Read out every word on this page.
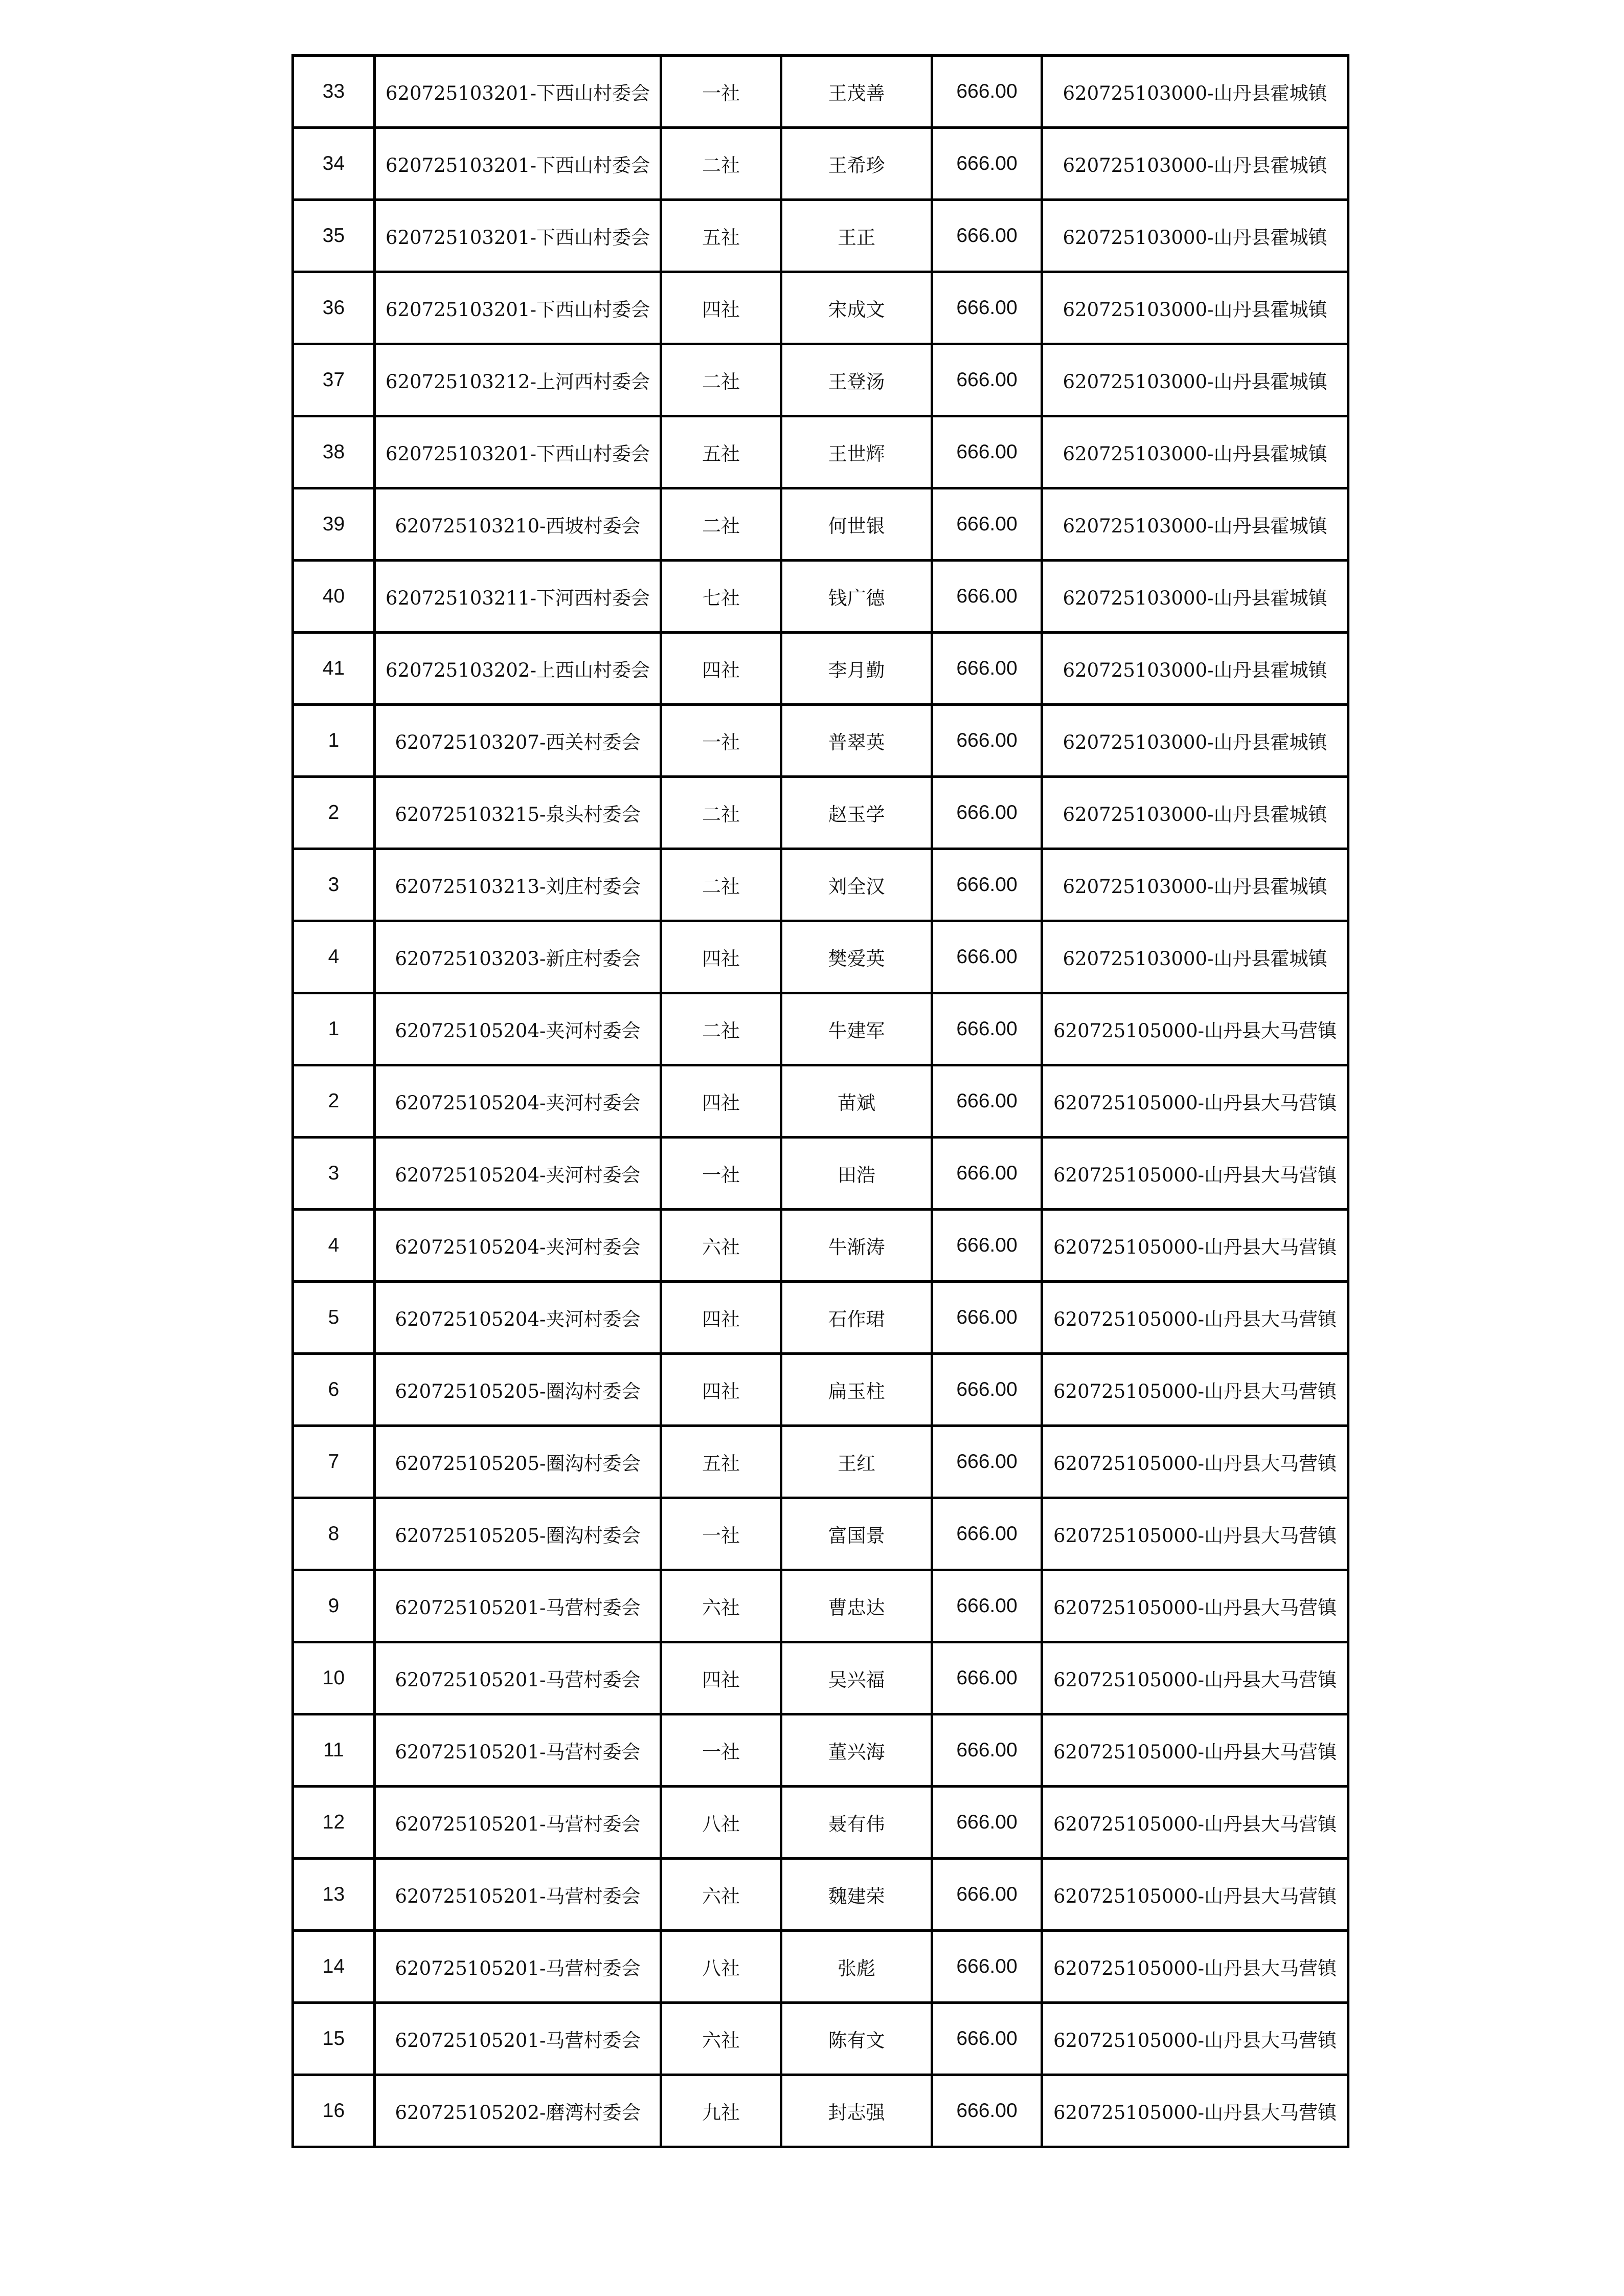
33	620725103201-下西山村委会	一社	王茂善	666.00	620725103000-山丹县霍城镇
34	620725103201-下西山村委会	二社	王希珍	666.00	620725103000-山丹县霍城镇
35	620725103201-下西山村委会	五社	王正	666.00	620725103000-山丹县霍城镇
36	620725103201-下西山村委会	四社	宋成文	666.00	620725103000-山丹县霍城镇
37	620725103212-上河西村委会	二社	王登汤	666.00	620725103000-山丹县霍城镇
38	620725103201-下西山村委会	五社	王世辉	666.00	620725103000-山丹县霍城镇
39	620725103210-西坡村委会	二社	何世银	666.00	620725103000-山丹县霍城镇
40	620725103211-下河西村委会	七社	钱广德	666.00	620725103000-山丹县霍城镇
41	620725103202-上西山村委会	四社	李月勤	666.00	620725103000-山丹县霍城镇
1	620725103207-西关村委会	一社	普翠英	666.00	620725103000-山丹县霍城镇
2	620725103215-泉头村委会	二社	赵玉学	666.00	620725103000-山丹县霍城镇
3	620725103213-刘庄村委会	二社	刘全汉	666.00	620725103000-山丹县霍城镇
4	620725103203-新庄村委会	四社	樊爱英	666.00	620725103000-山丹县霍城镇
1	620725105204-夹河村委会	二社	牛建军	666.00	620725105000-山丹县大马营镇
2	620725105204-夹河村委会	四社	苗斌	666.00	620725105000-山丹县大马营镇
3	620725105204-夹河村委会	一社	田浩	666.00	620725105000-山丹县大马营镇
4	620725105204-夹河村委会	六社	牛渐涛	666.00	620725105000-山丹县大马营镇
5	620725105204-夹河村委会	四社	石作珺	666.00	620725105000-山丹县大马营镇
6	620725105205-圈沟村委会	四社	扁玉柱	666.00	620725105000-山丹县大马营镇
7	620725105205-圈沟村委会	五社	王红	666.00	620725105000-山丹县大马营镇
8	620725105205-圈沟村委会	一社	富国景	666.00	620725105000-山丹县大马营镇
9	620725105201-马营村委会	六社	曹忠达	666.00	620725105000-山丹县大马营镇
10	620725105201-马营村委会	四社	吴兴福	666.00	620725105000-山丹县大马营镇
11	620725105201-马营村委会	一社	董兴海	666.00	620725105000-山丹县大马营镇
12	620725105201-马营村委会	八社	聂有伟	666.00	620725105000-山丹县大马营镇
13	620725105201-马营村委会	六社	魏建荣	666.00	620725105000-山丹县大马营镇
14	620725105201-马营村委会	八社	张彪	666.00	620725105000-山丹县大马营镇
15	620725105201-马营村委会	六社	陈有文	666.00	620725105000-山丹县大马营镇
16	620725105202-磨湾村委会	九社	封志强	666.00	620725105000-山丹县大马营镇
